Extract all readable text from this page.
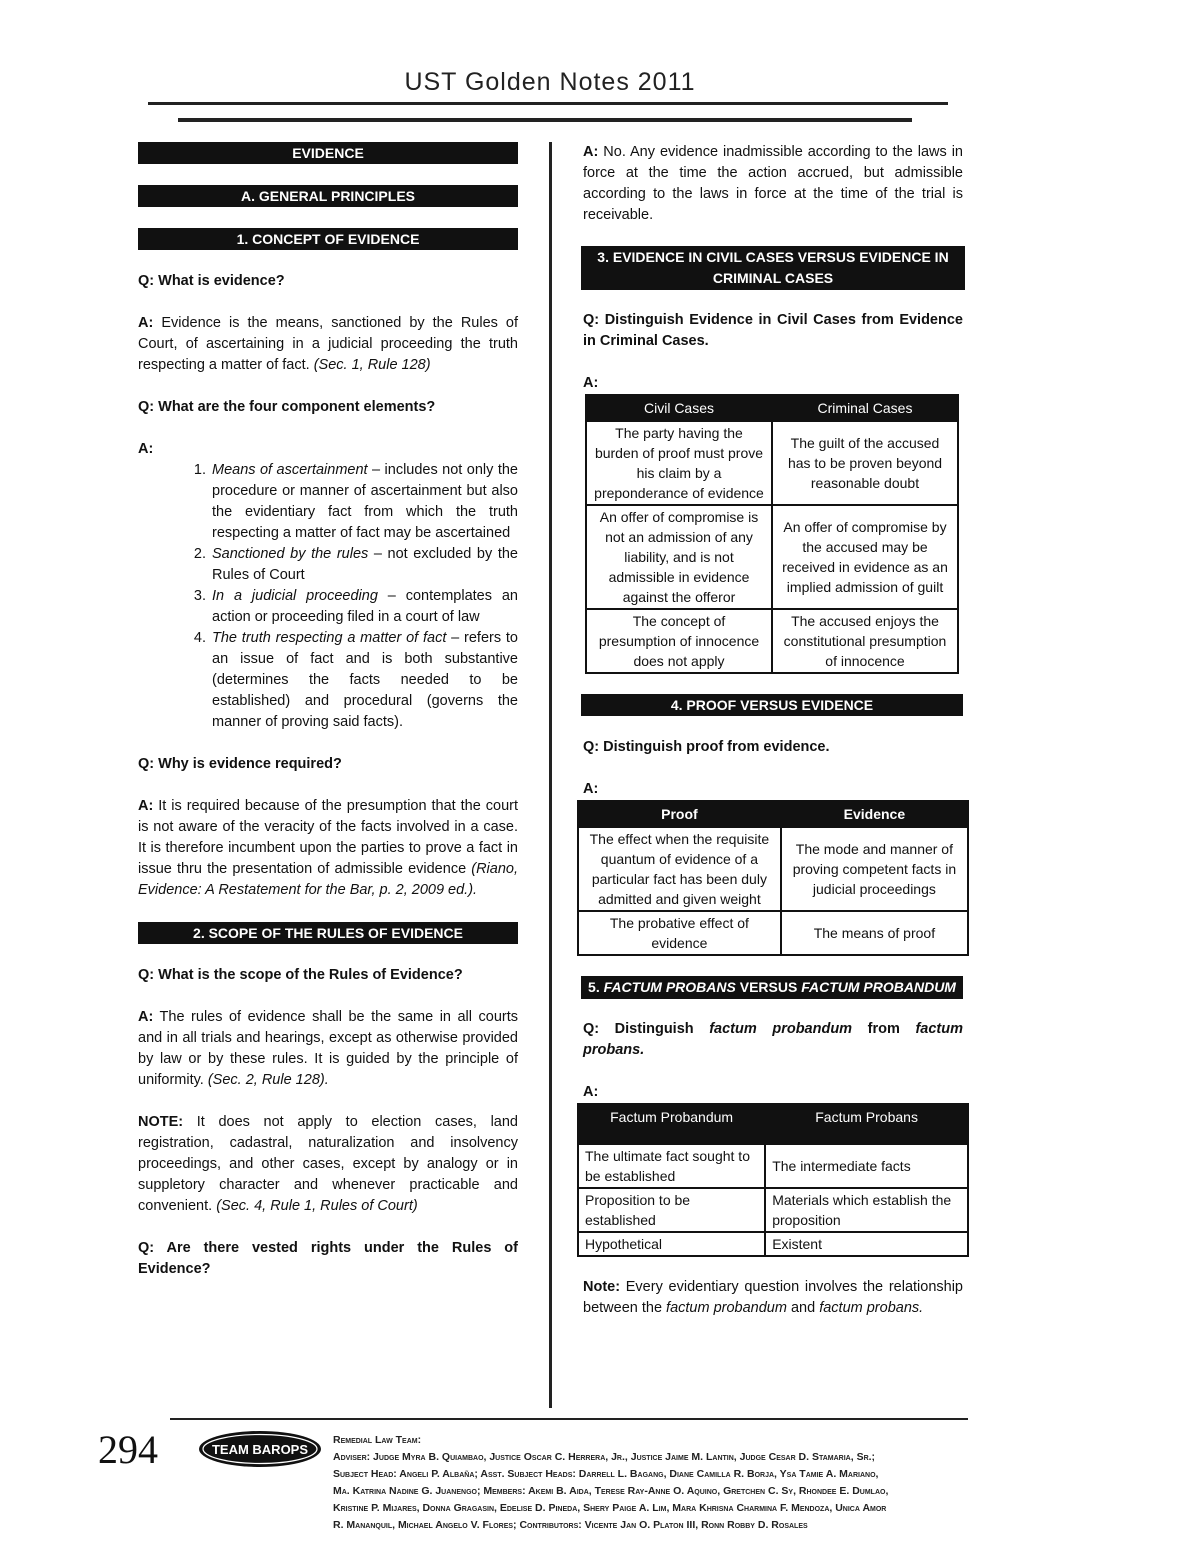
UST Golden Notes 2011
EVIDENCE
A. GENERAL PRINCIPLES
1. CONCEPT OF EVIDENCE

Q: What is evidence?

A: Evidence is the means, sanctioned by the Rules of Court, of ascertaining in a judicial proceeding the truth respecting a matter of fact. (Sec. 1, Rule 128)

Q: What are the four component elements?

A:

1. Means of ascertainment – includes not only the procedure or manner of ascertainment but also the evidentiary fact from which the truth respecting a matter of fact may be ascertained
2. Sanctioned by the rules – not excluded by the Rules of Court
3. In a judicial proceeding – contemplates an action or proceeding filed in a court of law
4. The truth respecting a matter of fact – refers to an issue of fact and is both substantive (determines the facts needed to be established) and procedural (governs the manner of proving said facts).

Q: Why is evidence required?

A: It is required because of the presumption that the court is not aware of the veracity of the facts involved in a case. It is therefore incumbent upon the parties to prove a fact in issue thru the presentation of admissible evidence (Riano, Evidence: A Restatement for the Bar, p. 2, 2009 ed.).

2. SCOPE OF THE RULES OF EVIDENCE

Q: What is the scope of the Rules of Evidence?

A: The rules of evidence shall be the same in all courts and in all trials and hearings, except as otherwise provided by law or by these rules. It is guided by the principle of uniformity. (Sec. 2, Rule 128).

NOTE: It does not apply to election cases, land registration, cadastral, naturalization and insolvency proceedings, and other cases, except by analogy or in suppletory character and whenever practicable and convenient. (Sec. 4, Rule 1, Rules of Court)

Q: Are there vested rights under the Rules of Evidence?

A: No. Any evidence inadmissible according to the laws in force at the time the action accrued, but admissible according to the laws in force at the time of the trial is receivable.

3. EVIDENCE IN CIVIL CASES VERSUS EVIDENCE IN CRIMINAL CASES

Q: Distinguish Evidence in Civil Cases from Evidence in Criminal Cases.

A:

Civil Cases	Criminal Cases
The party having the burden of proof must prove his claim by a preponderance of evidence	The guilt of the accused has to be proven beyond reasonable doubt
An offer of compromise is not an admission of any liability, and is not admissible in evidence against the offeror	An offer of compromise by the accused may be received in evidence as an implied admission of guilt
The concept of presumption of innocence does not apply	The accused enjoys the constitutional presumption of innocence
4. PROOF VERSUS EVIDENCE

Q: Distinguish proof from evidence.

A:

Proof	Evidence
The effect when the requisite quantum of evidence of a particular fact has been duly admitted and given weight	The mode and manner of proving competent facts in judicial proceedings
The probative effect of evidence	The means of proof
5. FACTUM PROBANS VERSUS FACTUM PROBANDUM

Q: Distinguish factum probandum from factum probans.

A:

Factum Probandum	Factum Probans
The ultimate fact sought to be established	The intermediate facts
Proposition to be established	Materials which establish the proposition
Hypothetical	Existent

Note: Every evidentiary question involves the relationship between the factum probandum and factum probans.

294	TEAM BAROPS
Remedial Law Team:
Adviser: Judge Myra B. Quiambao, Justice Oscar C. Herrera, Jr., Justice Jaime M. Lantin, Judge Cesar D. Stamaria, Sr.;
Subject Head: Angeli P. Albaña; Asst. Subject Heads: Darrell L. Bagang, Diane Camilla R. Borja, Ysa Tamie A. Mariano,
Ma. Katrina Nadine G. Juanengo; Members: Akemi B. Aida, Terese Ray-Anne O. Aquino, Gretchen C. Sy, Rhondee E. Dumlao,
Kristine P. Mijares, Donna Gragasin, Edelise D. Pineda, Shery Paige A. Lim, Mara Khrisna Charmina F. Mendoza, Unica Amor
R. Mananquil, Michael Angelo V. Flores; Contributors: Vicente Jan O. Platon III, Ronn Robby D. Rosales
